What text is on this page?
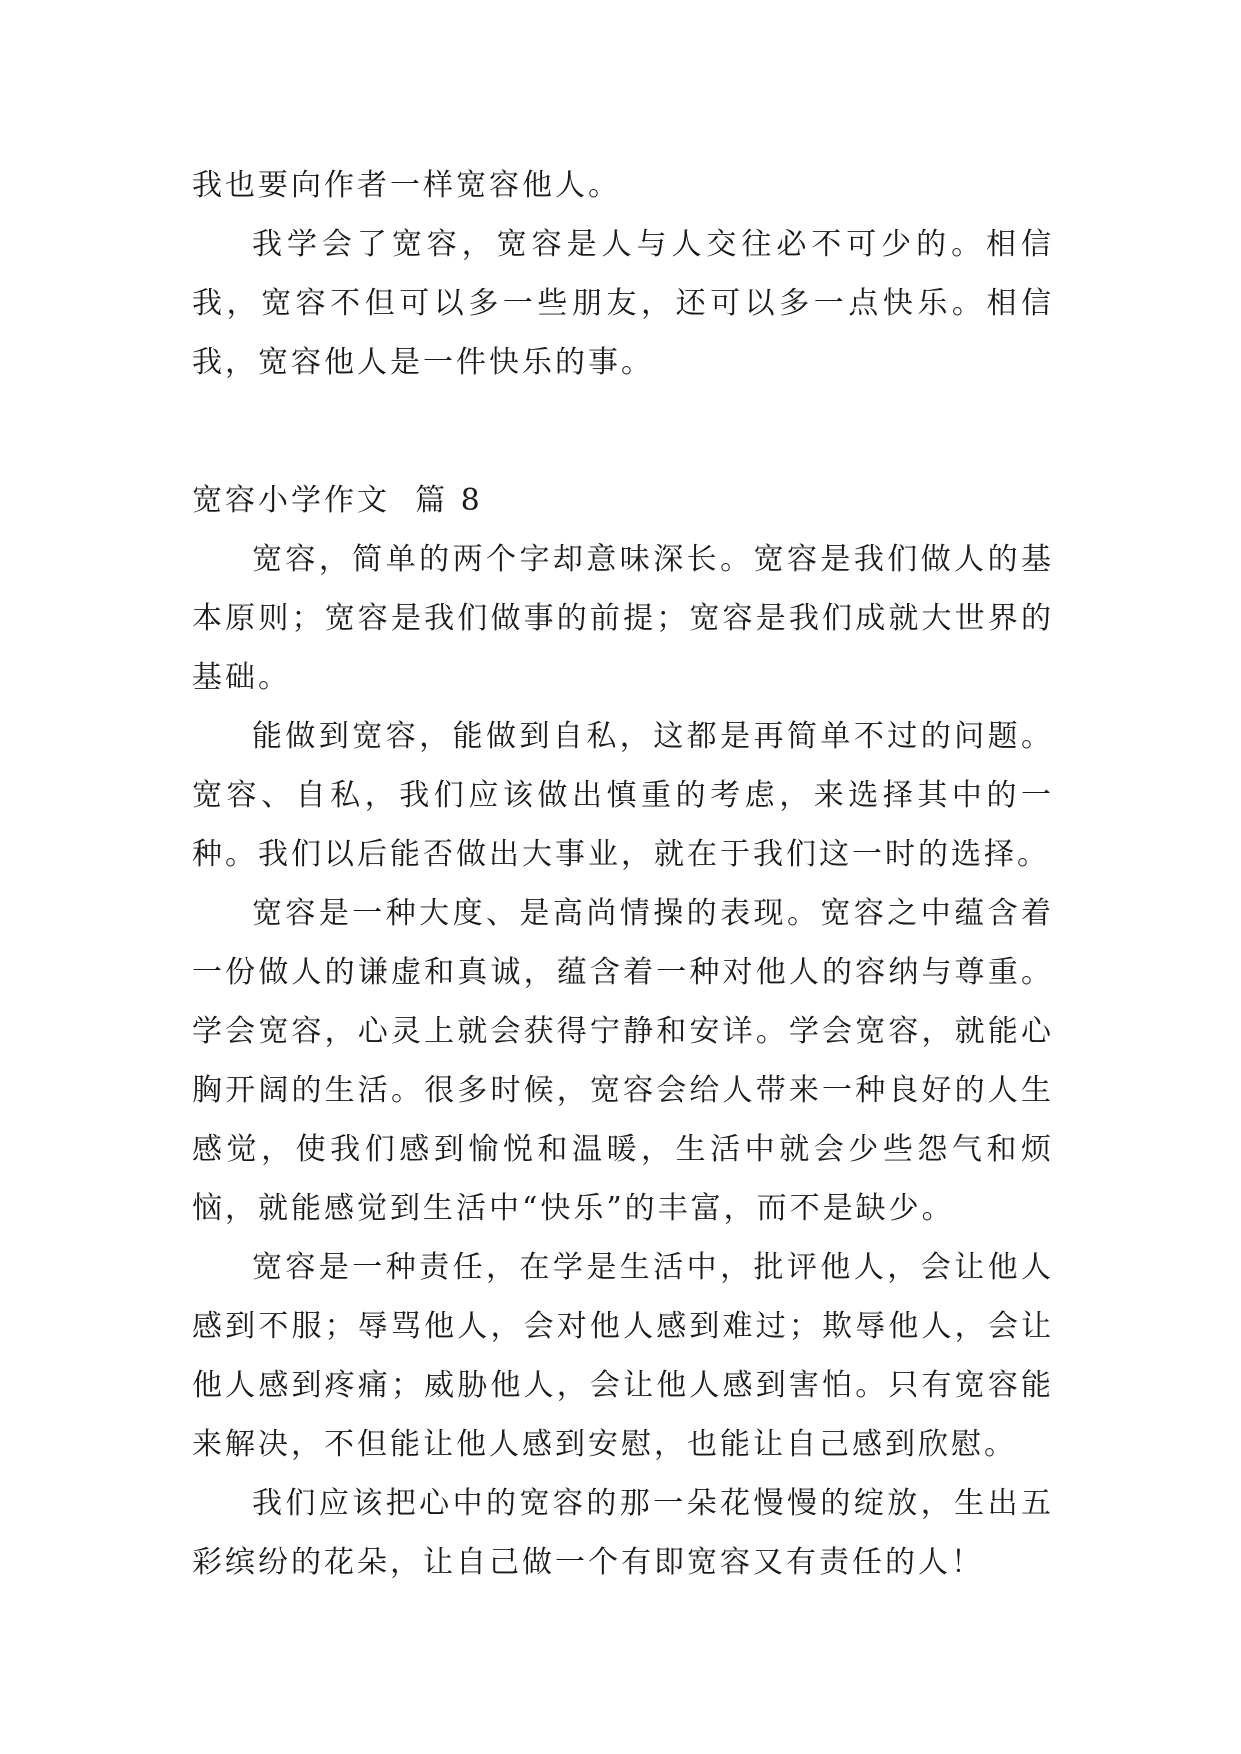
我也要向作者一样宽容他人。

我学会了宽容，宽容是人与人交往必不可少的。相信我，宽容不但可以多一些朋友，还可以多一点快乐。相信我，宽容他人是一件快乐的事。

宽容小学作文  篇 8

宽容，简单的两个字却意味深长。宽容是我们做人的基本原则；宽容是我们做事的前提；宽容是我们成就大世界的基础。

能做到宽容，能做到自私，这都是再简单不过的问题。宽容、自私，我们应该做出慎重的考虑，来选择其中的一种。我们以后能否做出大事业，就在于我们这一时的选择。

宽容是一种大度、是高尚情操的表现。宽容之中蕴含着一份做人的谦虚和真诚，蕴含着一种对他人的容纳与尊重。学会宽容，心灵上就会获得宁静和安详。学会宽容，就能心胸开阔的生活。很多时候，宽容会给人带来一种良好的人生感觉，使我们感到愉悦和温暖，生活中就会少些怨气和烦恼，就能感觉到生活中“快乐”的丰富，而不是缺少。

宽容是一种责任，在学是生活中，批评他人，会让他人感到不服；辱骂他人，会对他人感到难过；欺辱他人，会让他人感到疼痛；威胁他人，会让他人感到害怕。只有宽容能来解决，不但能让他人感到安慰，也能让自己感到欣慰。

我们应该把心中的宽容的那一朵花慢慢的绽放，生出五彩缤纷的花朵，让自己做一个有即宽容又有责任的人！
